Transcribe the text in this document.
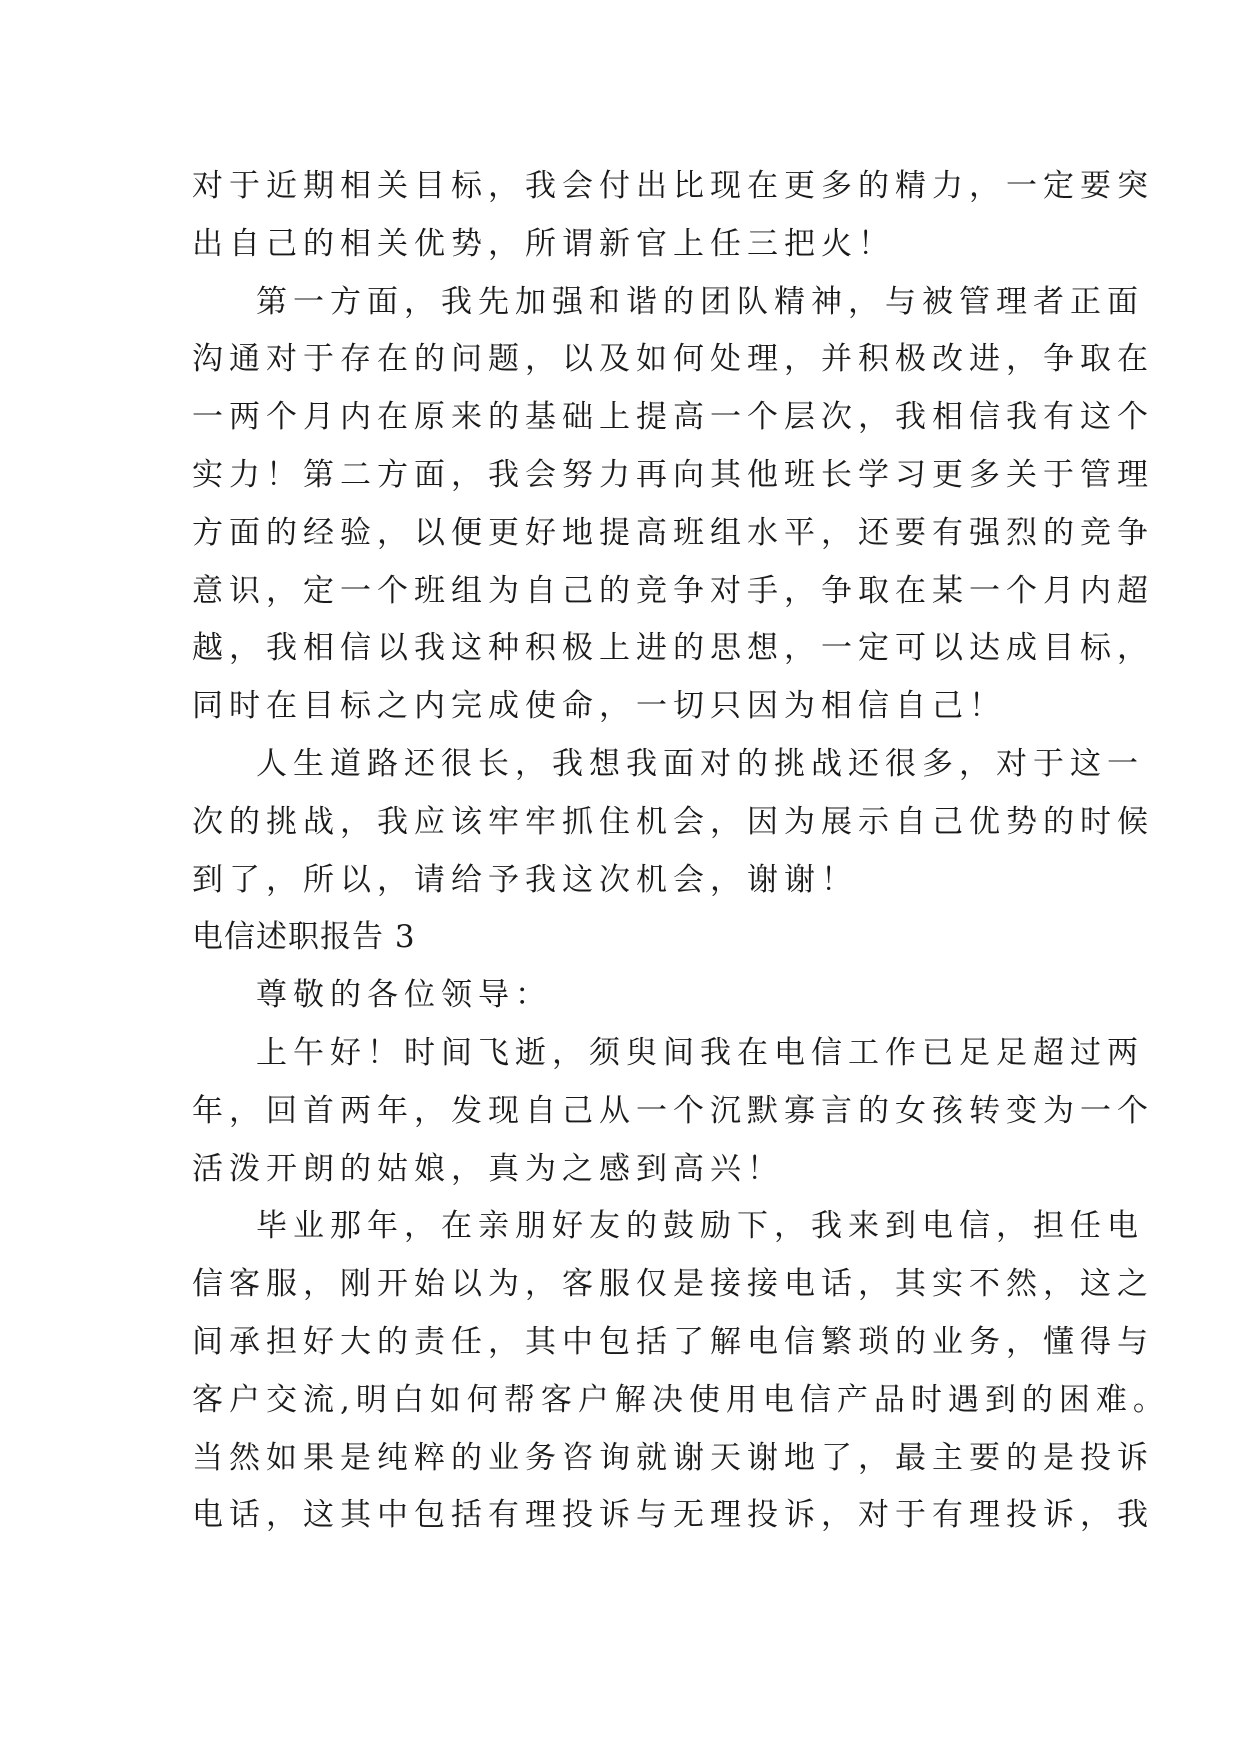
对于近期相关目标，我会付出比现在更多的精力，一定要突
出自己的相关优势，所谓新官上任三把火！
第一方面，我先加强和谐的团队精神，与被管理者正面
沟通对于存在的问题，以及如何处理，并积极改进，争取在
一两个月内在原来的基础上提高一个层次，我相信我有这个
实力！第二方面，我会努力再向其他班长学习更多关于管理
方面的经验，以便更好地提高班组水平，还要有强烈的竞争
意识，定一个班组为自己的竞争对手，争取在某一个月内超
越，我相信以我这种积极上进的思想，一定可以达成目标，
同时在目标之内完成使命，一切只因为相信自己！
人生道路还很长，我想我面对的挑战还很多，对于这一
次的挑战，我应该牢牢抓住机会，因为展示自己优势的时候
到了，所以，请给予我这次机会，谢谢！
电信述职报告 3
尊敬的各位领导：
上午好！时间飞逝，须臾间我在电信工作已足足超过两
年，回首两年，发现自己从一个沉默寡言的女孩转变为一个
活泼开朗的姑娘，真为之感到高兴！
毕业那年，在亲朋好友的鼓励下，我来到电信，担任电
信客服，刚开始以为，客服仅是接接电话，其实不然，这之
间承担好大的责任，其中包括了解电信繁琐的业务，懂得与
客户交流,明白如何帮客户解决使用电信产品时遇到的困难。
当然如果是纯粹的业务咨询就谢天谢地了，最主要的是投诉
电话，这其中包括有理投诉与无理投诉，对于有理投诉，我
